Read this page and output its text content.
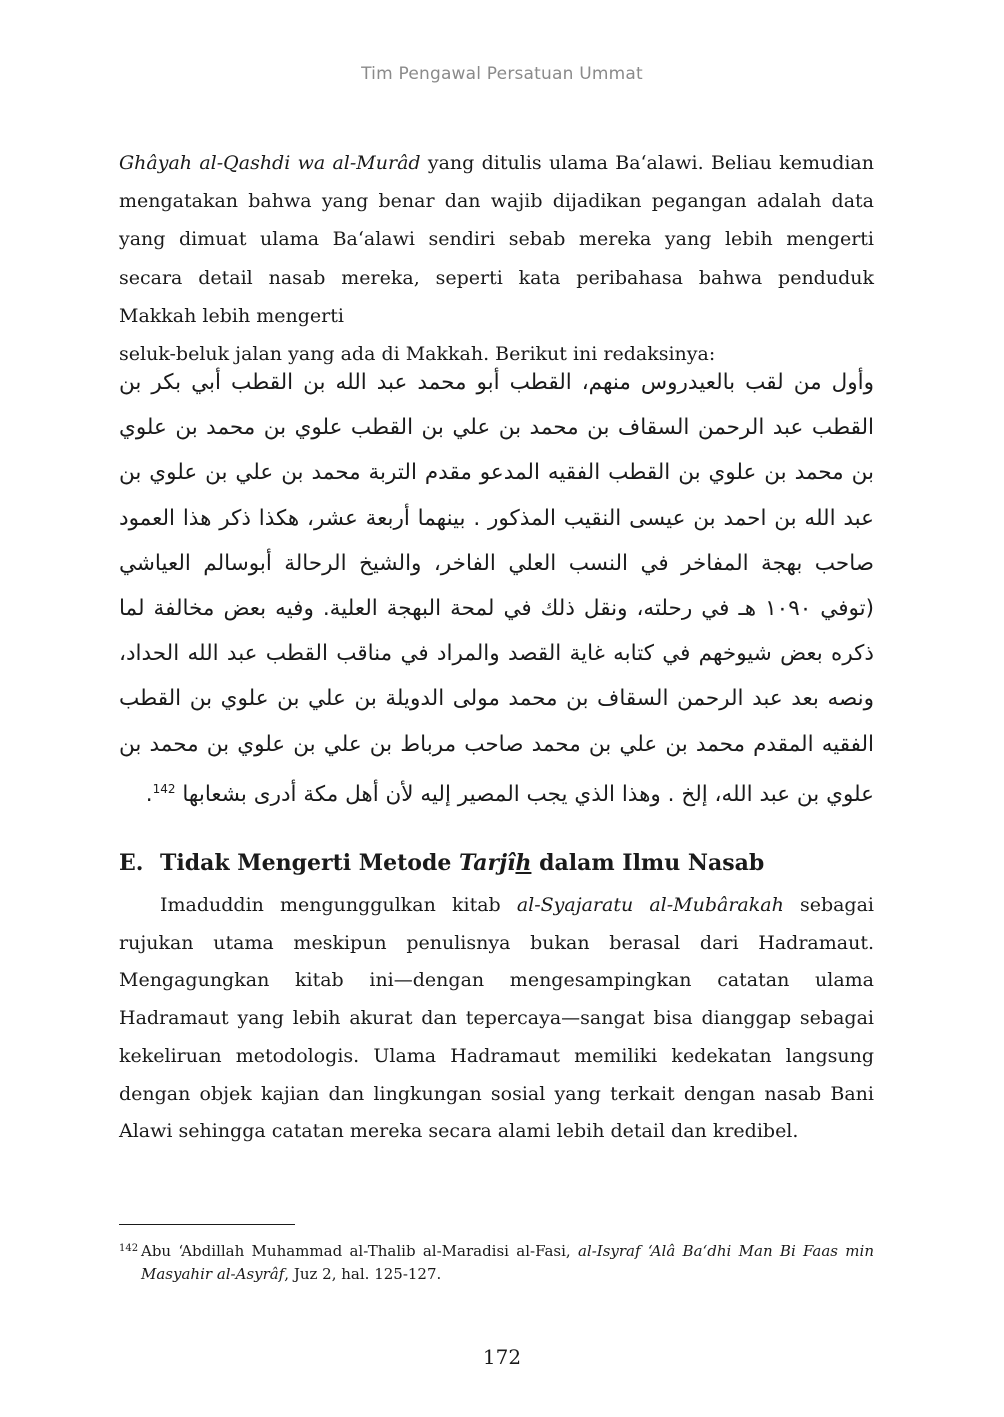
Tim Pengawal Persatuan Ummat

Ghâyah al-Qashdi wa al-Murâd yang ditulis ulama Ba‘alawi. Beliau kemudian mengatakan bahwa yang benar dan wajib dijadikan pegangan adalah data yang dimuat ulama Ba‘alawi sendiri sebab mereka yang lebih mengerti secara detail nasab mereka, seperti kata peribahasa bahwa penduduk Makkah lebih mengerti
seluk-beluk jalan yang ada di Makkah. Berikut ini redaksinya:

وأول من لقب بالعيدروس منهم، القطب أبو محمد عبد الله بن القطب أبي بكر بن القطب عبد الرحمن السقاف بن محمد بن علي بن القطب علوي بن محمد بن علوي بن محمد بن علوي بن القطب الفقيه المدعو مقدم التربة محمد بن علي بن علوي بن عبد الله بن احمد بن عيسى النقيب المذكور . بينهما أربعة عشر، هكذا ذكر هذا العمود صاحب بهجة المفاخر في النسب العلي الفاخر، والشيخ الرحالة أبوسالم العياشي (توفي ١٠٩٠ هـ في رحلته، ونقل ذلك في لمحة البهجة العلية. وفيه بعض مخالفة لما ذكره بعض شيوخهم في كتابه غاية القصد والمراد في مناقب القطب عبد الله الحداد، ونصه بعد عبد الرحمن السقاف بن محمد مولى الدويلة بن علي بن علوي بن القطب الفقيه المقدم محمد بن علي بن محمد صاحب مرباط بن علي بن علوي بن محمد بن علوي بن عبد الله، إلخ . وهذا الذي يجب المصير إليه لأن أهل مكة أدرى بشعابها $^{142}$.

E. Tidak Mengerti Metode Tarjîh dalam Ilmu Nasab

Imaduddin mengunggulkan kitab al-Syajaratu al-Mubârakah sebagai rujukan utama meskipun penulisnya bukan berasal dari Hadramaut. Mengagungkan kitab ini—dengan mengesampingkan catatan ulama Hadramaut yang lebih akurat dan tepercaya—sangat bisa dianggap sebagai kekeliruan metodologis. Ulama Hadramaut memiliki kedekatan langsung dengan objek kajian dan lingkungan sosial yang terkait dengan nasab Bani Alawi sehingga catatan mereka secara alami lebih detail dan kredibel.

142 Abu ‘Abdillah Muhammad al-Thalib al-Maradisi al-Fasi, al-Isyraf ‘Alâ Ba‘dhi Man Bi Faas min Masyahir al-Asyrâf, Juz 2, hal. 125-127.

172
